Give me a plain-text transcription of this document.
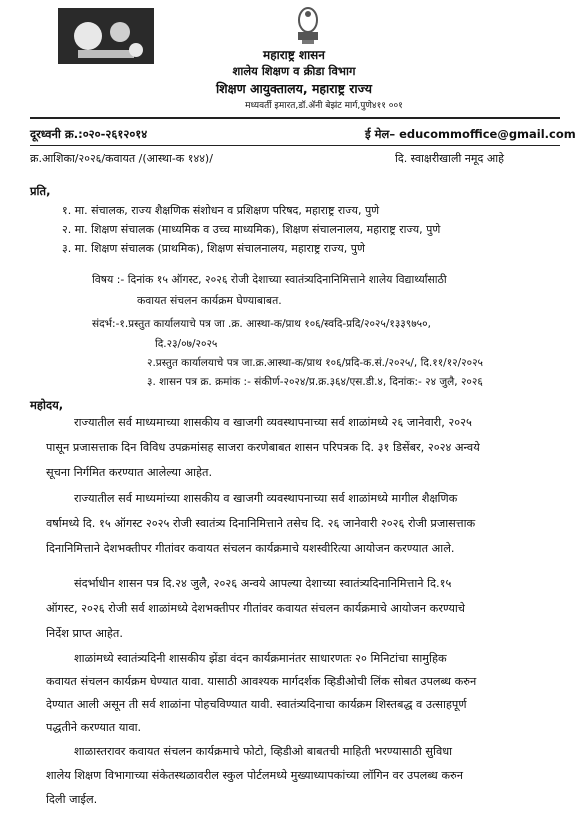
महाराष्ट्र शासन
शालेय शिक्षण व क्रीडा विभाग
शिक्षण आयुक्तालय, महाराष्ट्र राज्य
मध्यवर्ती इमारत,डॉ.ॲनी बेझंट मार्ग,पुणे४११ ००१
दूरध्वनी क्र.:०२०-२६१२०१४	ई मेल– educommoffice@gmail.com
क्र.आशिका/२०२६/कवायत /(आस्था-क १४४)/	दि. स्वाक्षरीखाली नमूद आहे
प्रति,
१. मा. संचालक, राज्य शैक्षणिक संशोधन व प्रशिक्षण परिषद, महाराष्ट्र राज्य, पुणे
२. मा. शिक्षण संचालक (माध्यमिक व उच्च माध्यमिक), शिक्षण संचालनालय, महाराष्ट्र राज्य, पुणे
३. मा. शिक्षण संचालक (प्राथमिक), शिक्षण संचालनालय, महाराष्ट्र राज्य, पुणे
विषय :- दिनांक १५ ऑगस्ट, २०२६ रोजी देशाच्या स्वातंत्र्यदिनानिमित्ताने शालेय विद्यार्थ्यांसाठी
कवायत संचलन कार्यक्रम घेण्याबाबत.
संदर्भ:-१.प्रस्तुत कार्यालयाचे पत्र जा .क्र. आस्था-क/प्राथ १०६/स्वदि-प्रदि/२०२५/१३३९७५०,
दि.२३/०७/२०२५
२.प्रस्तुत कार्यालयाचे पत्र जा.क्र.आस्था-क/प्राथ १०६/प्रदि-क.सं./२०२५/, दि.११/१२/२०२५
३. शासन पत्र क्र. क्रमांक :- संकीर्ण-२०२४/प्र.क्र.३६४/एस.डी.४, दिनांक:- २४ जुलै, २०२६
महोदय,
राज्यातील सर्व माध्यमाच्या शासकीय व खाजगी व्यवस्थापनाच्या सर्व शाळांमध्ये २६ जानेवारी, २०२५
पासून प्रजासत्ताक दिन विविध उपक्रमांसह साजरा करणेबाबत शासन परिपत्रक दि. ३१ डिसेंबर, २०२४ अन्वये
सूचना निर्गमित करण्यात आलेल्या आहेत.
राज्यातील सर्व माध्यमांच्या शासकीय व खाजगी व्यवस्थापनाच्या सर्व शाळांमध्ये मागील शैक्षणिक
वर्षामध्ये दि. १५ ऑगस्ट २०२५ रोजी स्वातंत्र्य दिनानिमित्ताने तसेच दि. २६ जानेवारी २०२६ रोजी प्रजासत्ताक
दिनानिमित्ताने देशभक्तीपर गीतांवर कवायत संचलन कार्यक्रमाचे यशस्वीरित्या आयोजन करण्यात आले.
संदर्भाधीन शासन पत्र दि.२४ जुलै, २०२६ अन्वये आपल्या देशाच्या स्वातंत्र्यदिनानिमित्ताने दि.१५
ऑगस्ट, २०२६ रोजी सर्व शाळांमध्ये देशभक्तीपर गीतांवर कवायत संचलन कार्यक्रमाचे आयोजन करण्याचे
निर्देश प्राप्त आहेत.
शाळांमध्ये स्वातंत्र्यदिनी शासकीय झेंडा वंदन कार्यक्रमानंतर साधारणतः २० मिनिटांचा सामुहिक
कवायत संचलन कार्यक्रम घेण्यात यावा. यासाठी आवश्यक मार्गदर्शक व्हिडीओची लिंक सोबत उपलब्ध करुन
देण्यात आली असून ती सर्व शाळांना पोहचविण्यात यावी. स्वातंत्र्यदिनाचा कार्यक्रम शिस्तबद्ध व उत्साहपूर्ण
पद्धतीने करण्यात यावा.
शाळास्तरावर कवायत संचलन कार्यक्रमाचे फोटो, व्हिडीओ बाबतची माहिती भरण्यासाठी सुविधा
शालेय शिक्षण विभागाच्या संकेतस्थळावरील स्कुल पोर्टलमध्ये मुख्याध्यापकांच्या लॉगिन वर उपलब्ध करुन
दिली जाईल.
